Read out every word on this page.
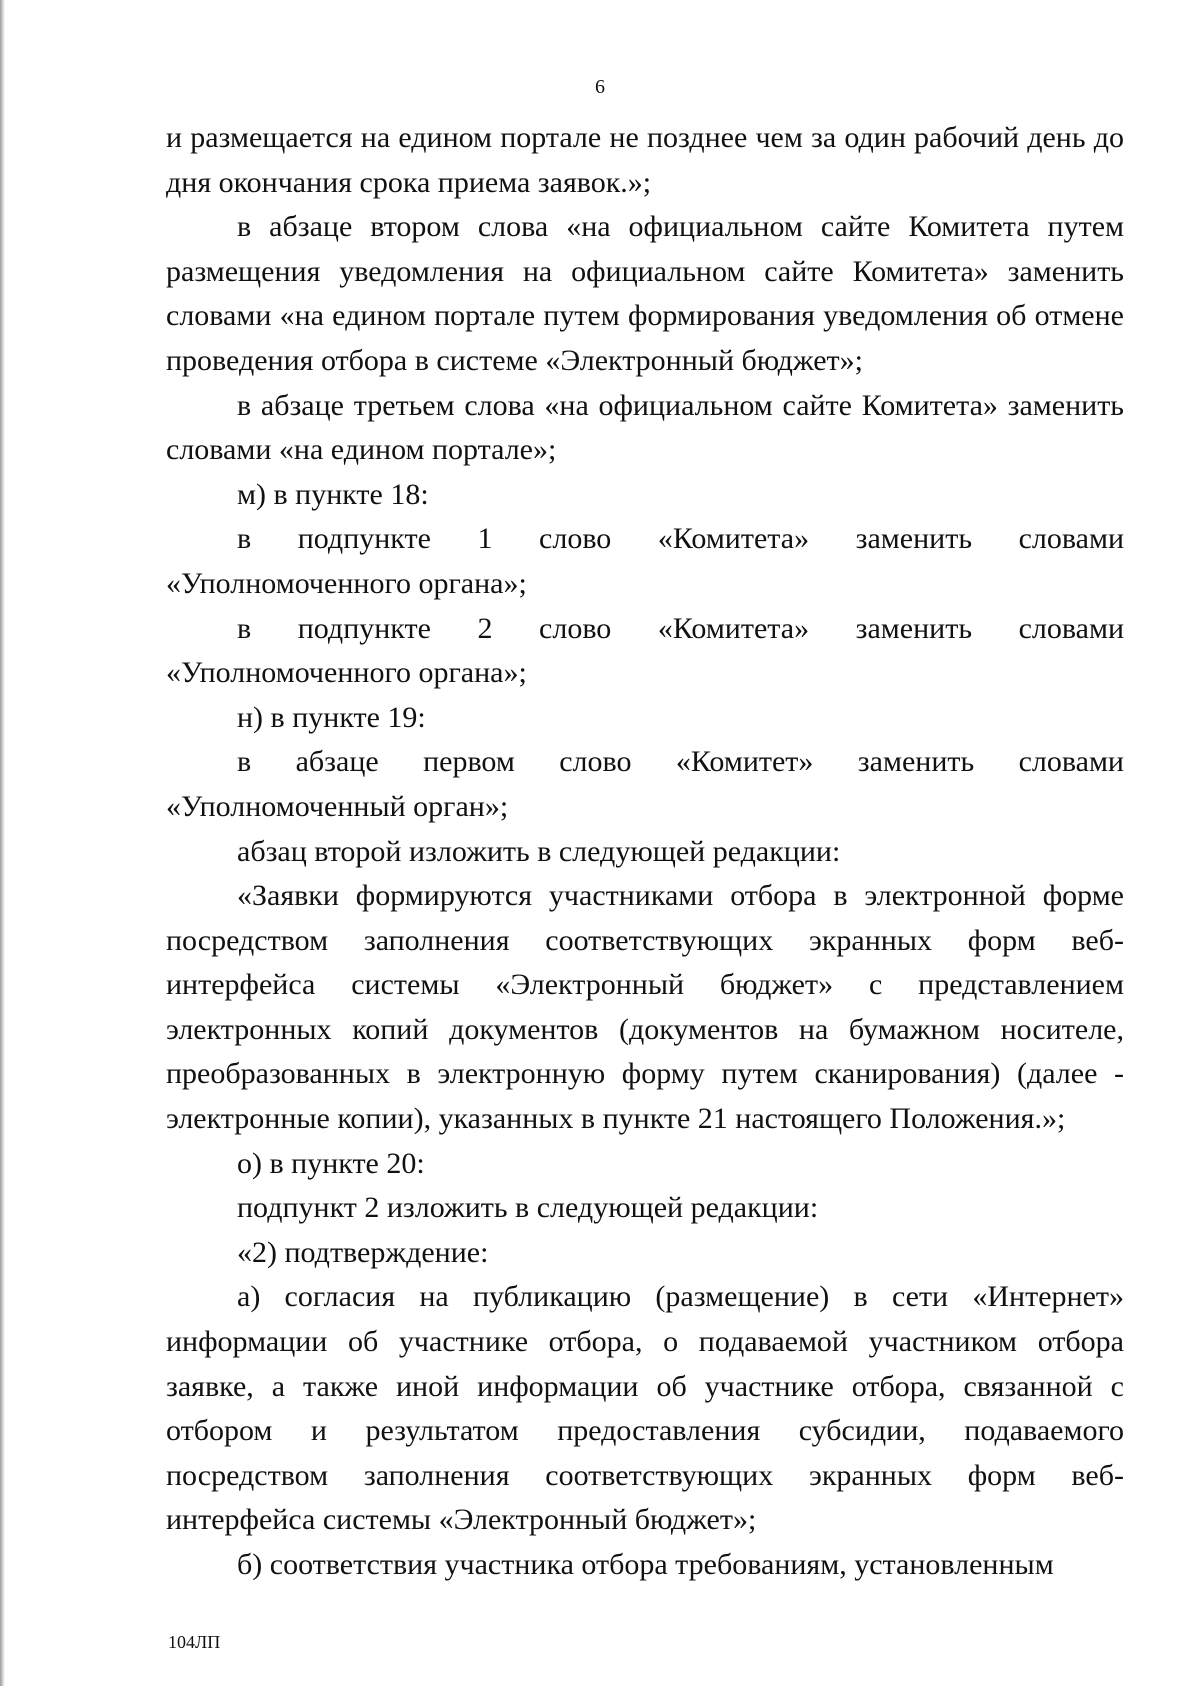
6

и размещается на едином портале не позднее чем за один рабочий день до дня окончания срока приема заявок.»;

в абзаце втором слова «на официальном сайте Комитета путем размещения уведомления на официальном сайте Комитета» заменить словами «на едином портале путем формирования уведомления об отмене проведения отбора в системе «Электронный бюджет»;

в абзаце третьем слова «на официальном сайте Комитета» заменить словами «на едином портале»;

м) в пункте 18:

в подпункте 1 слово «Комитета» заменить словами «Уполномоченного органа»;

в подпункте 2 слово «Комитета» заменить словами «Уполномоченного органа»;

н) в пункте 19:

в абзаце первом слово «Комитет» заменить словами «Уполномоченный орган»;

абзац второй изложить в следующей редакции:

«Заявки формируются участниками отбора в электронной форме посредством заполнения соответствующих экранных форм веб-интерфейса системы «Электронный бюджет» с представлением электронных копий документов (документов на бумажном носителе, преобразованных в электронную форму путем сканирования) (далее - электронные копии), указанных в пункте 21 настоящего Положения.»;

о) в пункте 20:

подпункт 2 изложить в следующей редакции:

«2) подтверждение:

а) согласия на публикацию (размещение) в сети «Интернет» информации об участнике отбора, о подаваемой участником отбора заявке, а также иной информации об участнике отбора, связанной с отбором и результатом предоставления субсидии, подаваемого посредством заполнения соответствующих экранных форм веб-интерфейса системы «Электронный бюджет»;

б) соответствия участника отбора требованиям, установленным

104ЛП
